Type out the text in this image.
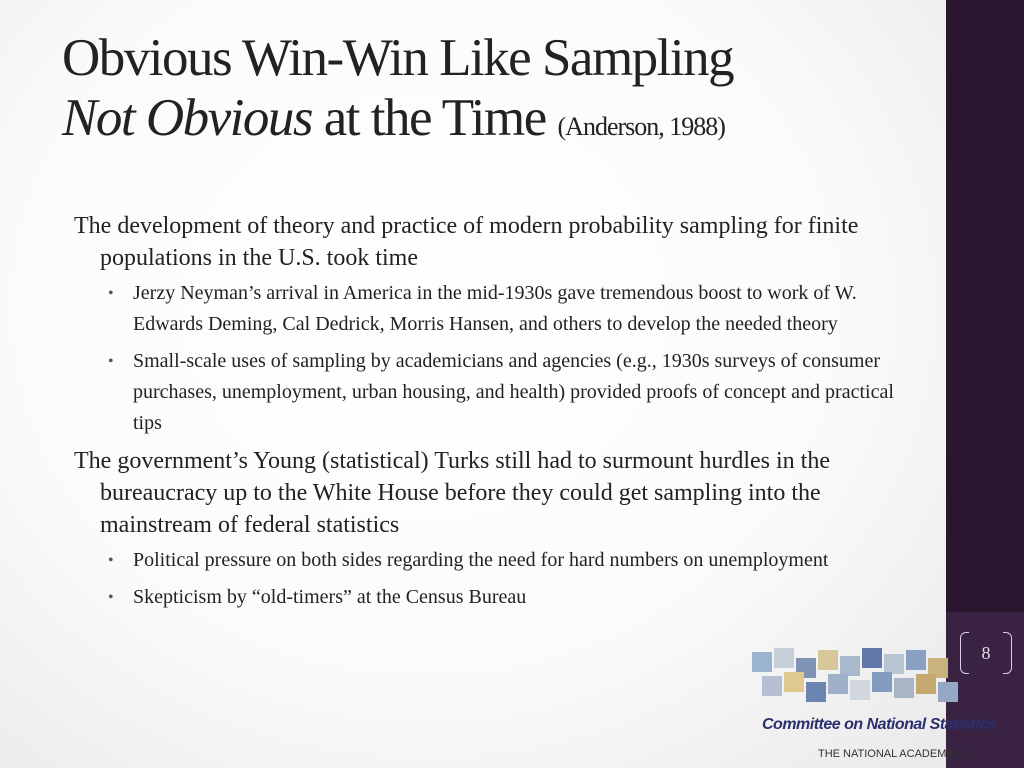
Obvious Win-Win Like Sampling
Not Obvious at the Time (Anderson, 1988)

The development of theory and practice of modern probability sampling for finite populations in the U.S. took time

• Jerzy Neyman’s arrival in America in the mid-1930s gave tremendous boost to work of W. Edwards Deming, Cal Dedrick, Morris Hansen, and others to develop the needed theory
• Small-scale uses of sampling by academicians and agencies (e.g., 1930s surveys of consumer purchases, unemployment, urban housing, and health) provided proofs of concept and practical tips

The government’s Young (statistical) Turks still had to surmount hurdles in the bureaucracy up to the White House before they could get sampling into the mainstream of federal statistics

• Political pressure on both sides regarding the need for hard numbers on unemployment
• Skepticism by “old-timers” at the Census Bureau
8
Committee on National Statistics
THE NATIONAL ACADEMIES
